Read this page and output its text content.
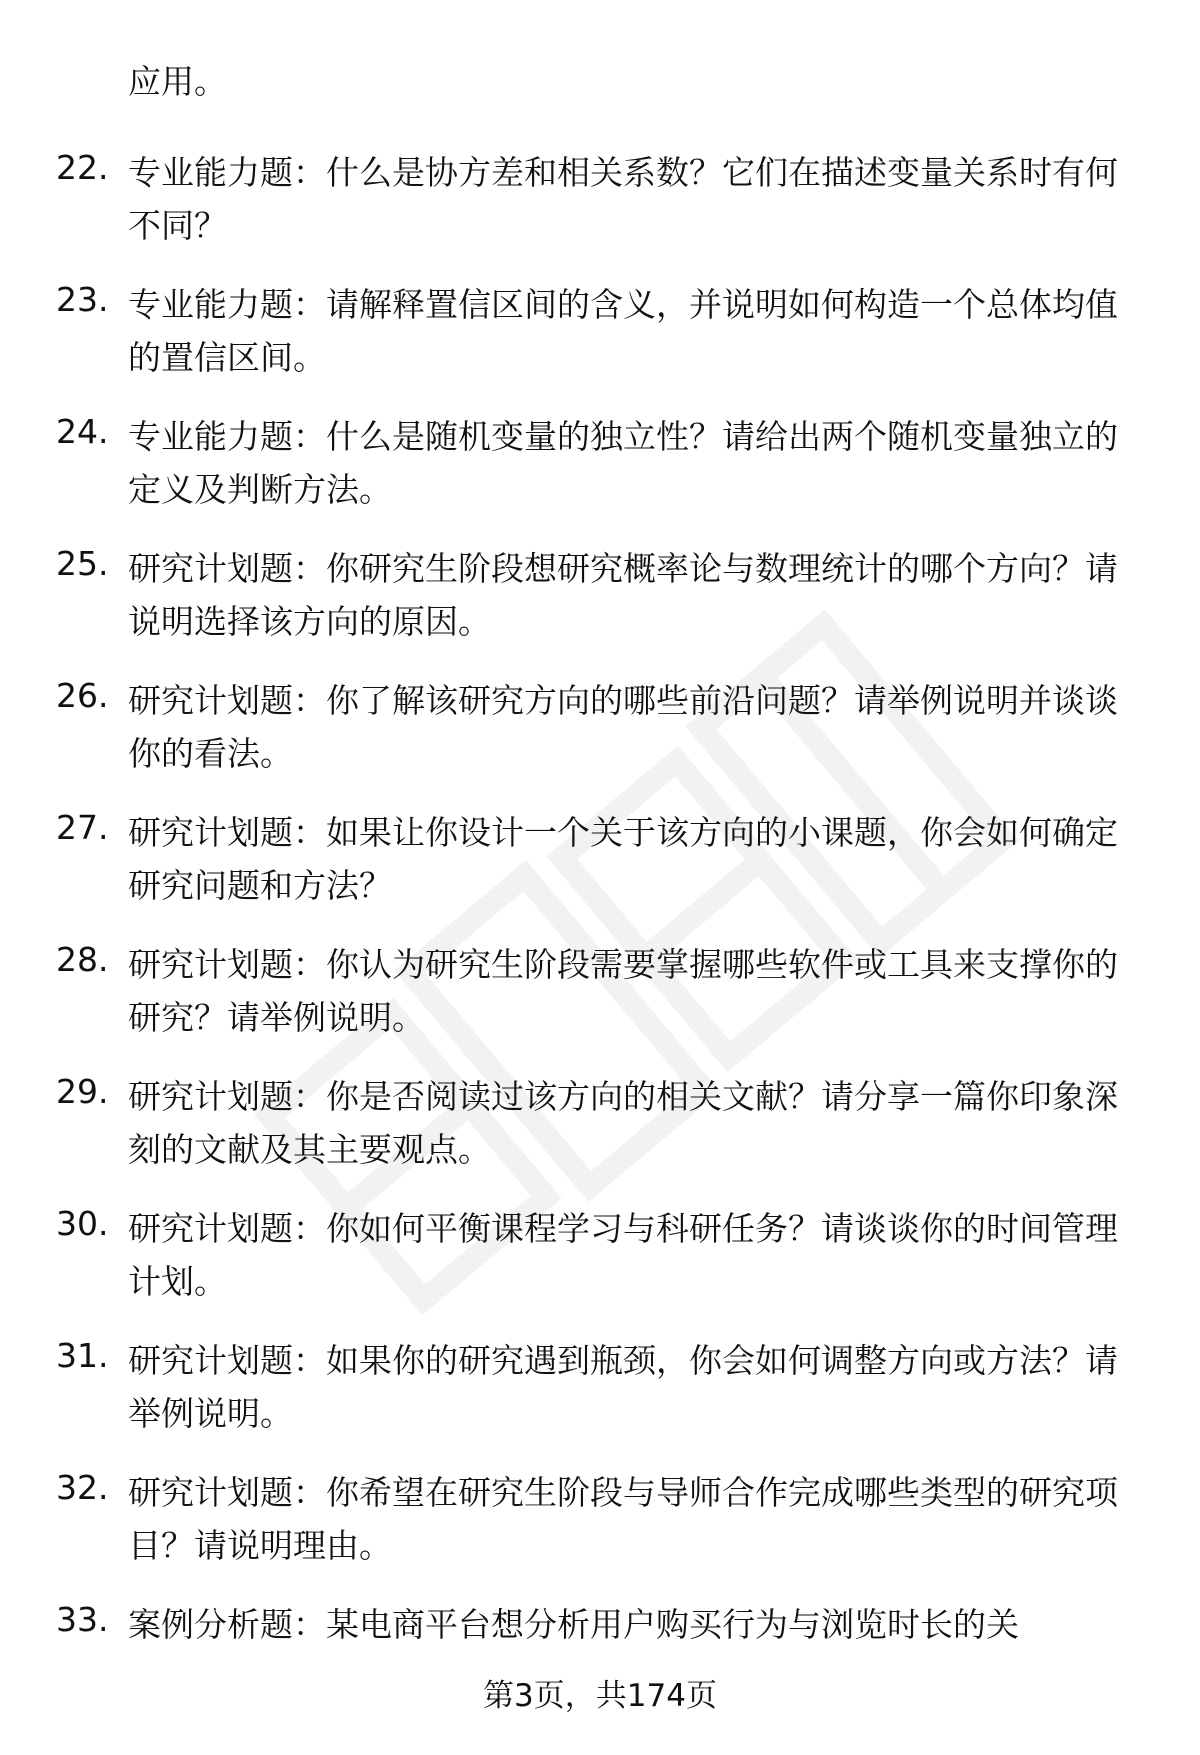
应用。

22. 专业能力题：什么是协方差和相关系数？它们在描述变量关系时有何不同？
23. 专业能力题：请解释置信区间的含义，并说明如何构造一个总体均值的置信区间。
24. 专业能力题：什么是随机变量的独立性？请给出两个随机变量独立的定义及判断方法。
25. 研究计划题：你研究生阶段想研究概率论与数理统计的哪个方向？请说明选择该方向的原因。
26. 研究计划题：你了解该研究方向的哪些前沿问题？请举例说明并谈谈你的看法。
27. 研究计划题：如果让你设计一个关于该方向的小课题，你会如何确定研究问题和方法？
28. 研究计划题：你认为研究生阶段需要掌握哪些软件或工具来支撑你的研究？请举例说明。
29. 研究计划题：你是否阅读过该方向的相关文献？请分享一篇你印象深刻的文献及其主要观点。
30. 研究计划题：你如何平衡课程学习与科研任务？请谈谈你的时间管理计划。
31. 研究计划题：如果你的研究遇到瓶颈，你会如何调整方向或方法？请举例说明。
32. 研究计划题：你希望在研究生阶段与导师合作完成哪些类型的研究项目？请说明理由。
33. 案例分析题：某电商平台想分析用户购买行为与浏览时长的关
第3页，共174页
